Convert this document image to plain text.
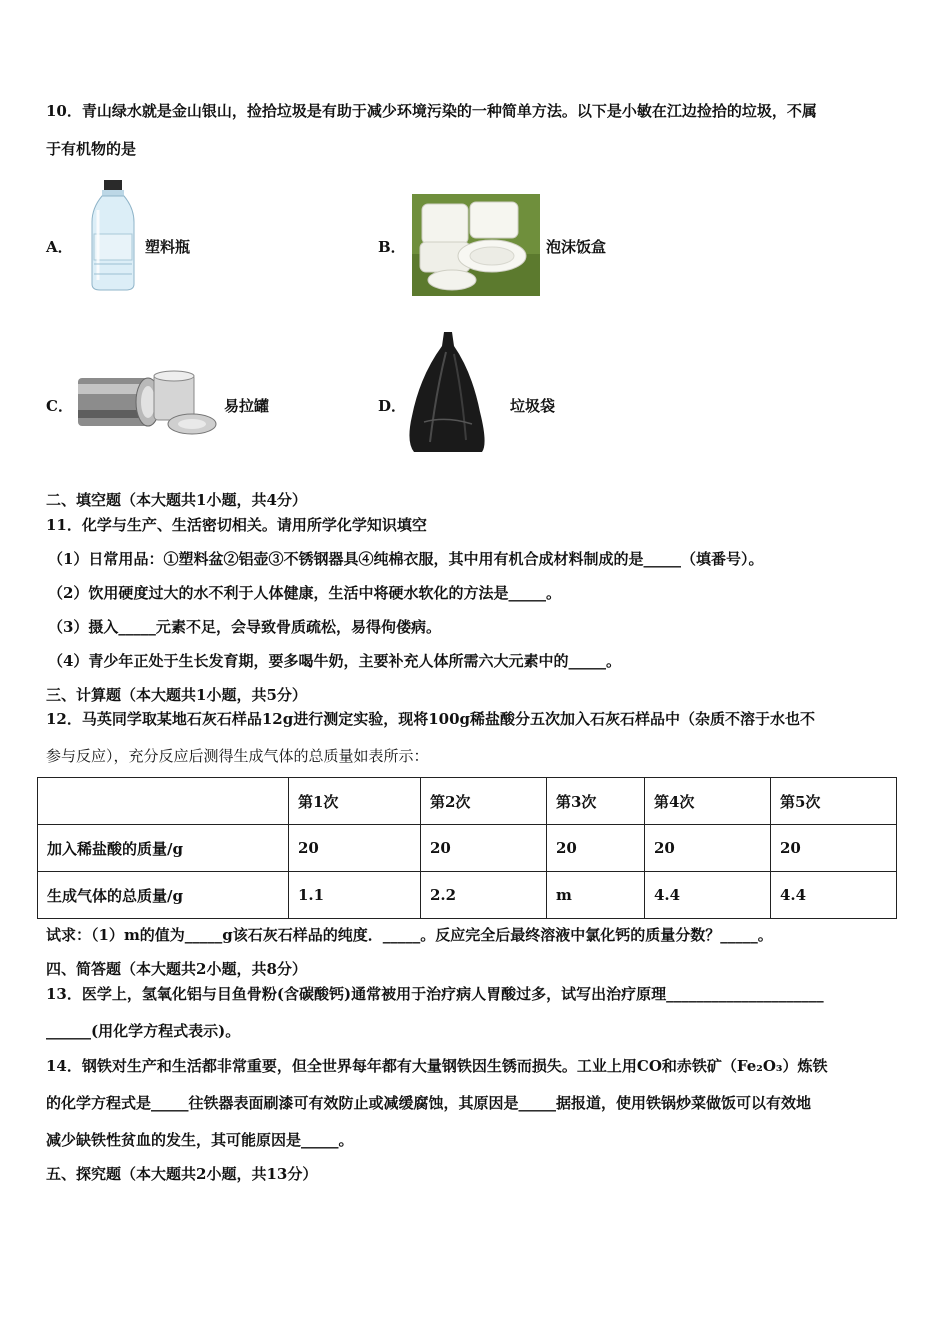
10．青山绿水就是金山银山，捡拾垃圾是有助于减少环境污染的一种简单方法。以下是小敏在江边捡拾的垃圾，不属
于有机物的是
A．	塑料瓶	B．	泡沫饭盒
C．	易拉罐	D．	垃圾袋
二、填空题（本大题共1小题，共4分）
11．化学与生产、生活密切相关。请用所学化学知识填空
（1）日常用品：①塑料盆②铝壶③不锈钢器具④纯棉衣服，其中用有机合成材料制成的是_____（填番号）。
（2）饮用硬度过大的水不利于人体健康，生活中将硬水软化的方法是_____。
（3）摄入_____元素不足，会导致骨质疏松，易得佝偻病。
（4）青少年正处于生长发育期，要多喝牛奶，主要补充人体所需六大元素中的_____。
三、计算题（本大题共1小题，共5分）
12．马英同学取某地石灰石样品12g进行测定实验，现将100g稀盐酸分五次加入石灰石样品中（杂质不溶于水也不
参与反应），充分反应后测得生成气体的总质量如表所示：
	第1次	第2次	第3次	第4次	第5次
加入稀盐酸的质量/g	20	20	20	20	20
生成气体的总质量/g	1.1	2.2	m	4.4	4.4
试求：（1）m的值为_____g该石灰石样品的纯度．_____。反应完全后最终溶液中氯化钙的质量分数？_____。
四、简答题（本大题共2小题，共8分）
13．医学上，氢氧化铝与目鱼骨粉(含碳酸钙)通常被用于治疗病人胃酸过多，试写出治疗原理_____________________
______(用化学方程式表示)。
14．钢铁对生产和生活都非常重要，但全世界每年都有大量钢铁因生锈而损失。工业上用CO和赤铁矿（Fe₂O₃）炼铁
的化学方程式是_____往铁器表面刷漆可有效防止或减缓腐蚀，其原因是_____据报道，使用铁锅炒菜做饭可以有效地
减少缺铁性贫血的发生，其可能原因是_____。
五、探究题（本大题共2小题，共13分）
